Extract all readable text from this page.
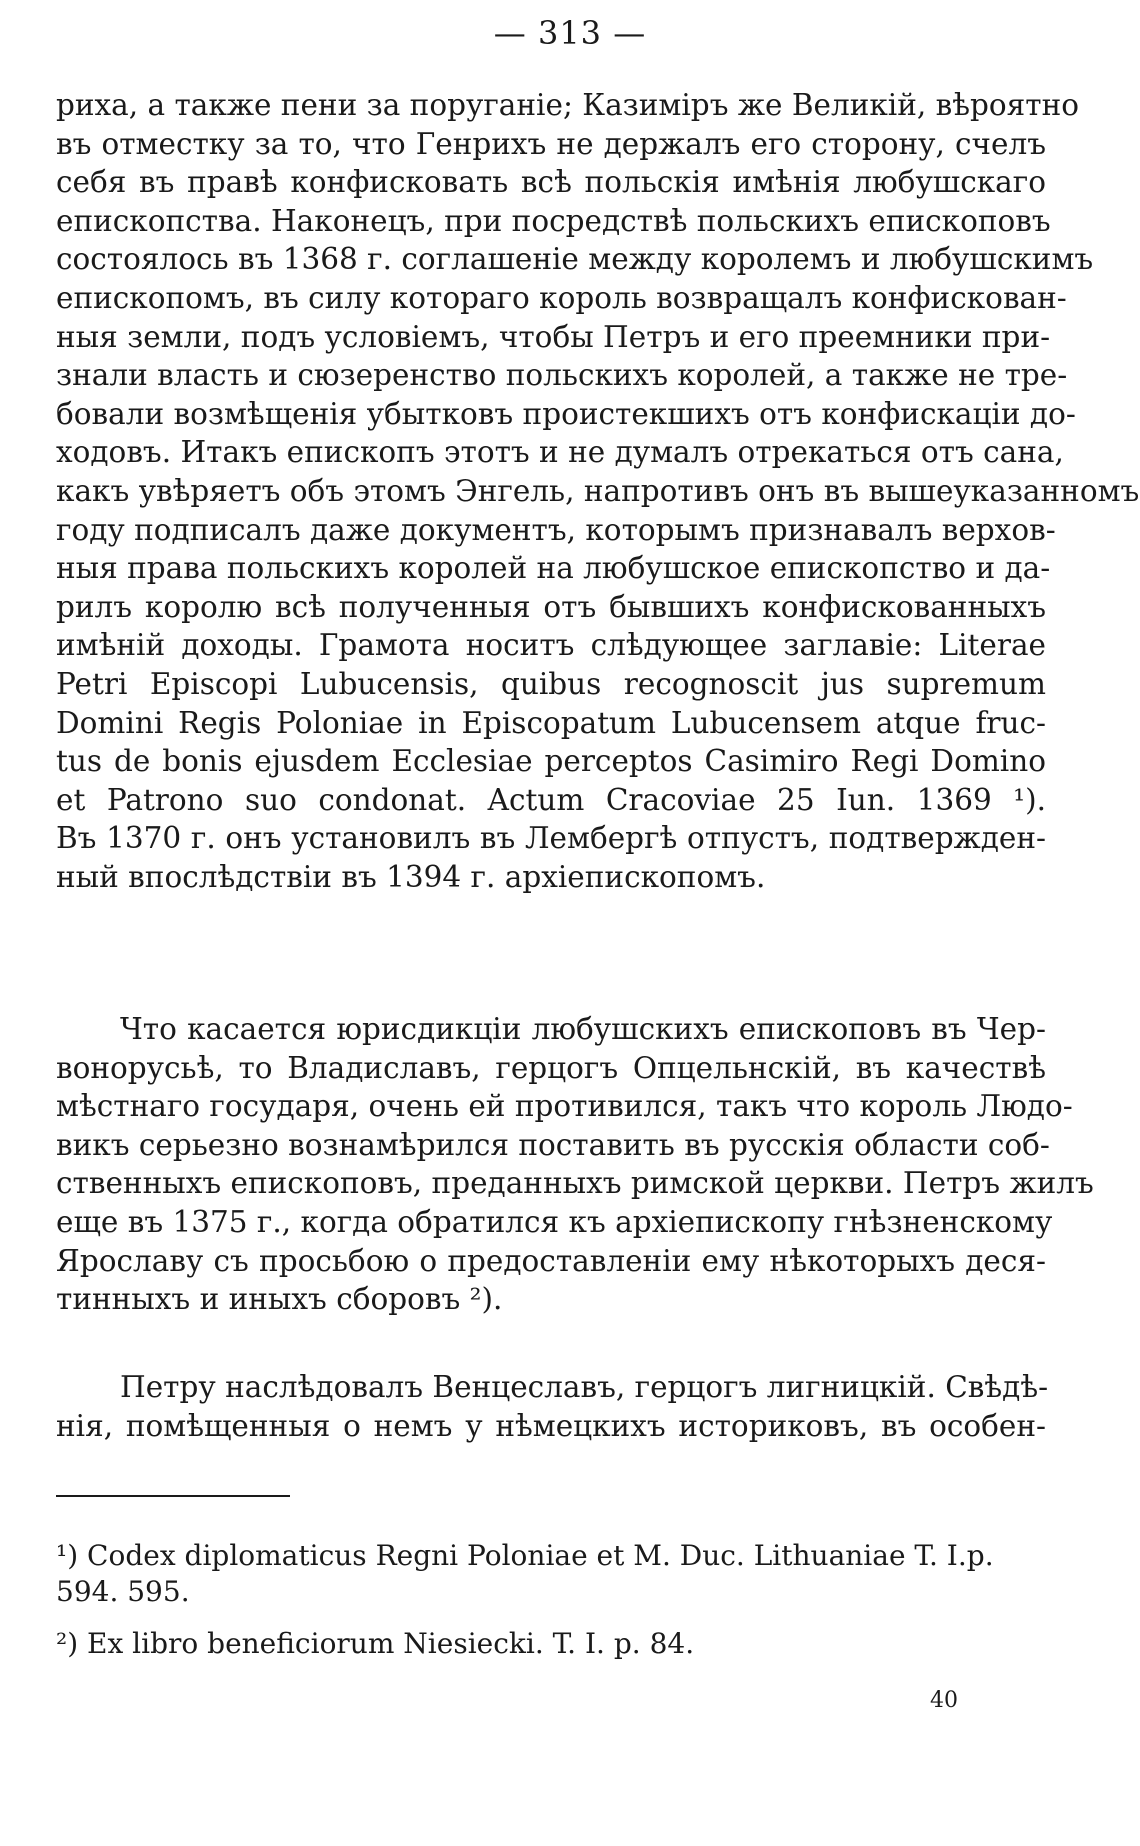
— 313 —
риха, а также пени за поруганіе; Казиміръ же Великій, вѣроятно
въ отместку за то, что Генрихъ не держалъ его сторону, счелъ
себя въ правѣ конфисковать всѣ польскія имѣнія любушскаго
епископства. Наконецъ, при посредствѣ польскихъ епископовъ
состоялось въ 1368 г. соглашеніе между королемъ и любушскимъ
епископомъ, въ силу котораго король возвращалъ конфискован-
ныя земли, подъ условіемъ, чтобы Петръ и его преемники при-
знали власть и сюзеренство польскихъ королей, а также не тре-
бовали возмѣщенія убытковъ проистекшихъ отъ конфискаціи до-
ходовъ. Итакъ епископъ этотъ и не думалъ отрекаться отъ сана,
какъ увѣряетъ объ этомъ Энгель, напротивъ онъ въ вышеуказанномъ
году подписалъ даже документъ, которымъ признавалъ верхов-
ныя права польскихъ королей на любушское епископство и да-
рилъ королю всѣ полученныя отъ бывшихъ конфискованныхъ
имѣній доходы. Грамота носитъ слѣдующее заглавіе: Literae
Petri Episcopi Lubucensis, quibus recognoscit jus supremum
Domini Regis Poloniae in Episcopatum Lubucensem atque fruc-
tus de bonis ejusdem Ecclesiae perceptos Casimiro Regi Domino
et Patrono suo condonat. Actum Cracoviae 25 Iun. 1369 ¹).
Въ 1370 г. онъ установилъ въ Лембергѣ отпустъ, подтвержден-
ный впослѣдствіи въ 1394 г. архіепископомъ.
Что касается юрисдикціи любушскихъ епископовъ въ Чер-
вонорусьѣ, то Владиславъ, герцогъ Опцельнскій, въ качествѣ
мѣстнаго государя, очень ей противился, такъ что король Людо-
викъ серьезно вознамѣрился поставить въ русскія области соб-
ственныхъ епископовъ, преданныхъ римской церкви. Петръ жилъ
еще въ 1375 г., когда обратился къ архіепископу гнѣзненскому
Ярославу съ просьбою о предоставленіи ему нѣкоторыхъ деся-
тинныхъ и иныхъ сборовъ ²).
Петру наслѣдовалъ Венцеславъ, герцогъ лигницкій. Свѣдѣ-
нія, помѣщенныя о немъ у нѣмецкихъ историковъ, въ особен-
¹) Codex diplomaticus Regni Poloniae et M. Duc. Lithuaniae T. I.p. 594. 595.
²) Ex libro beneficiorum Niesiecki. T. I. p. 84.
40
